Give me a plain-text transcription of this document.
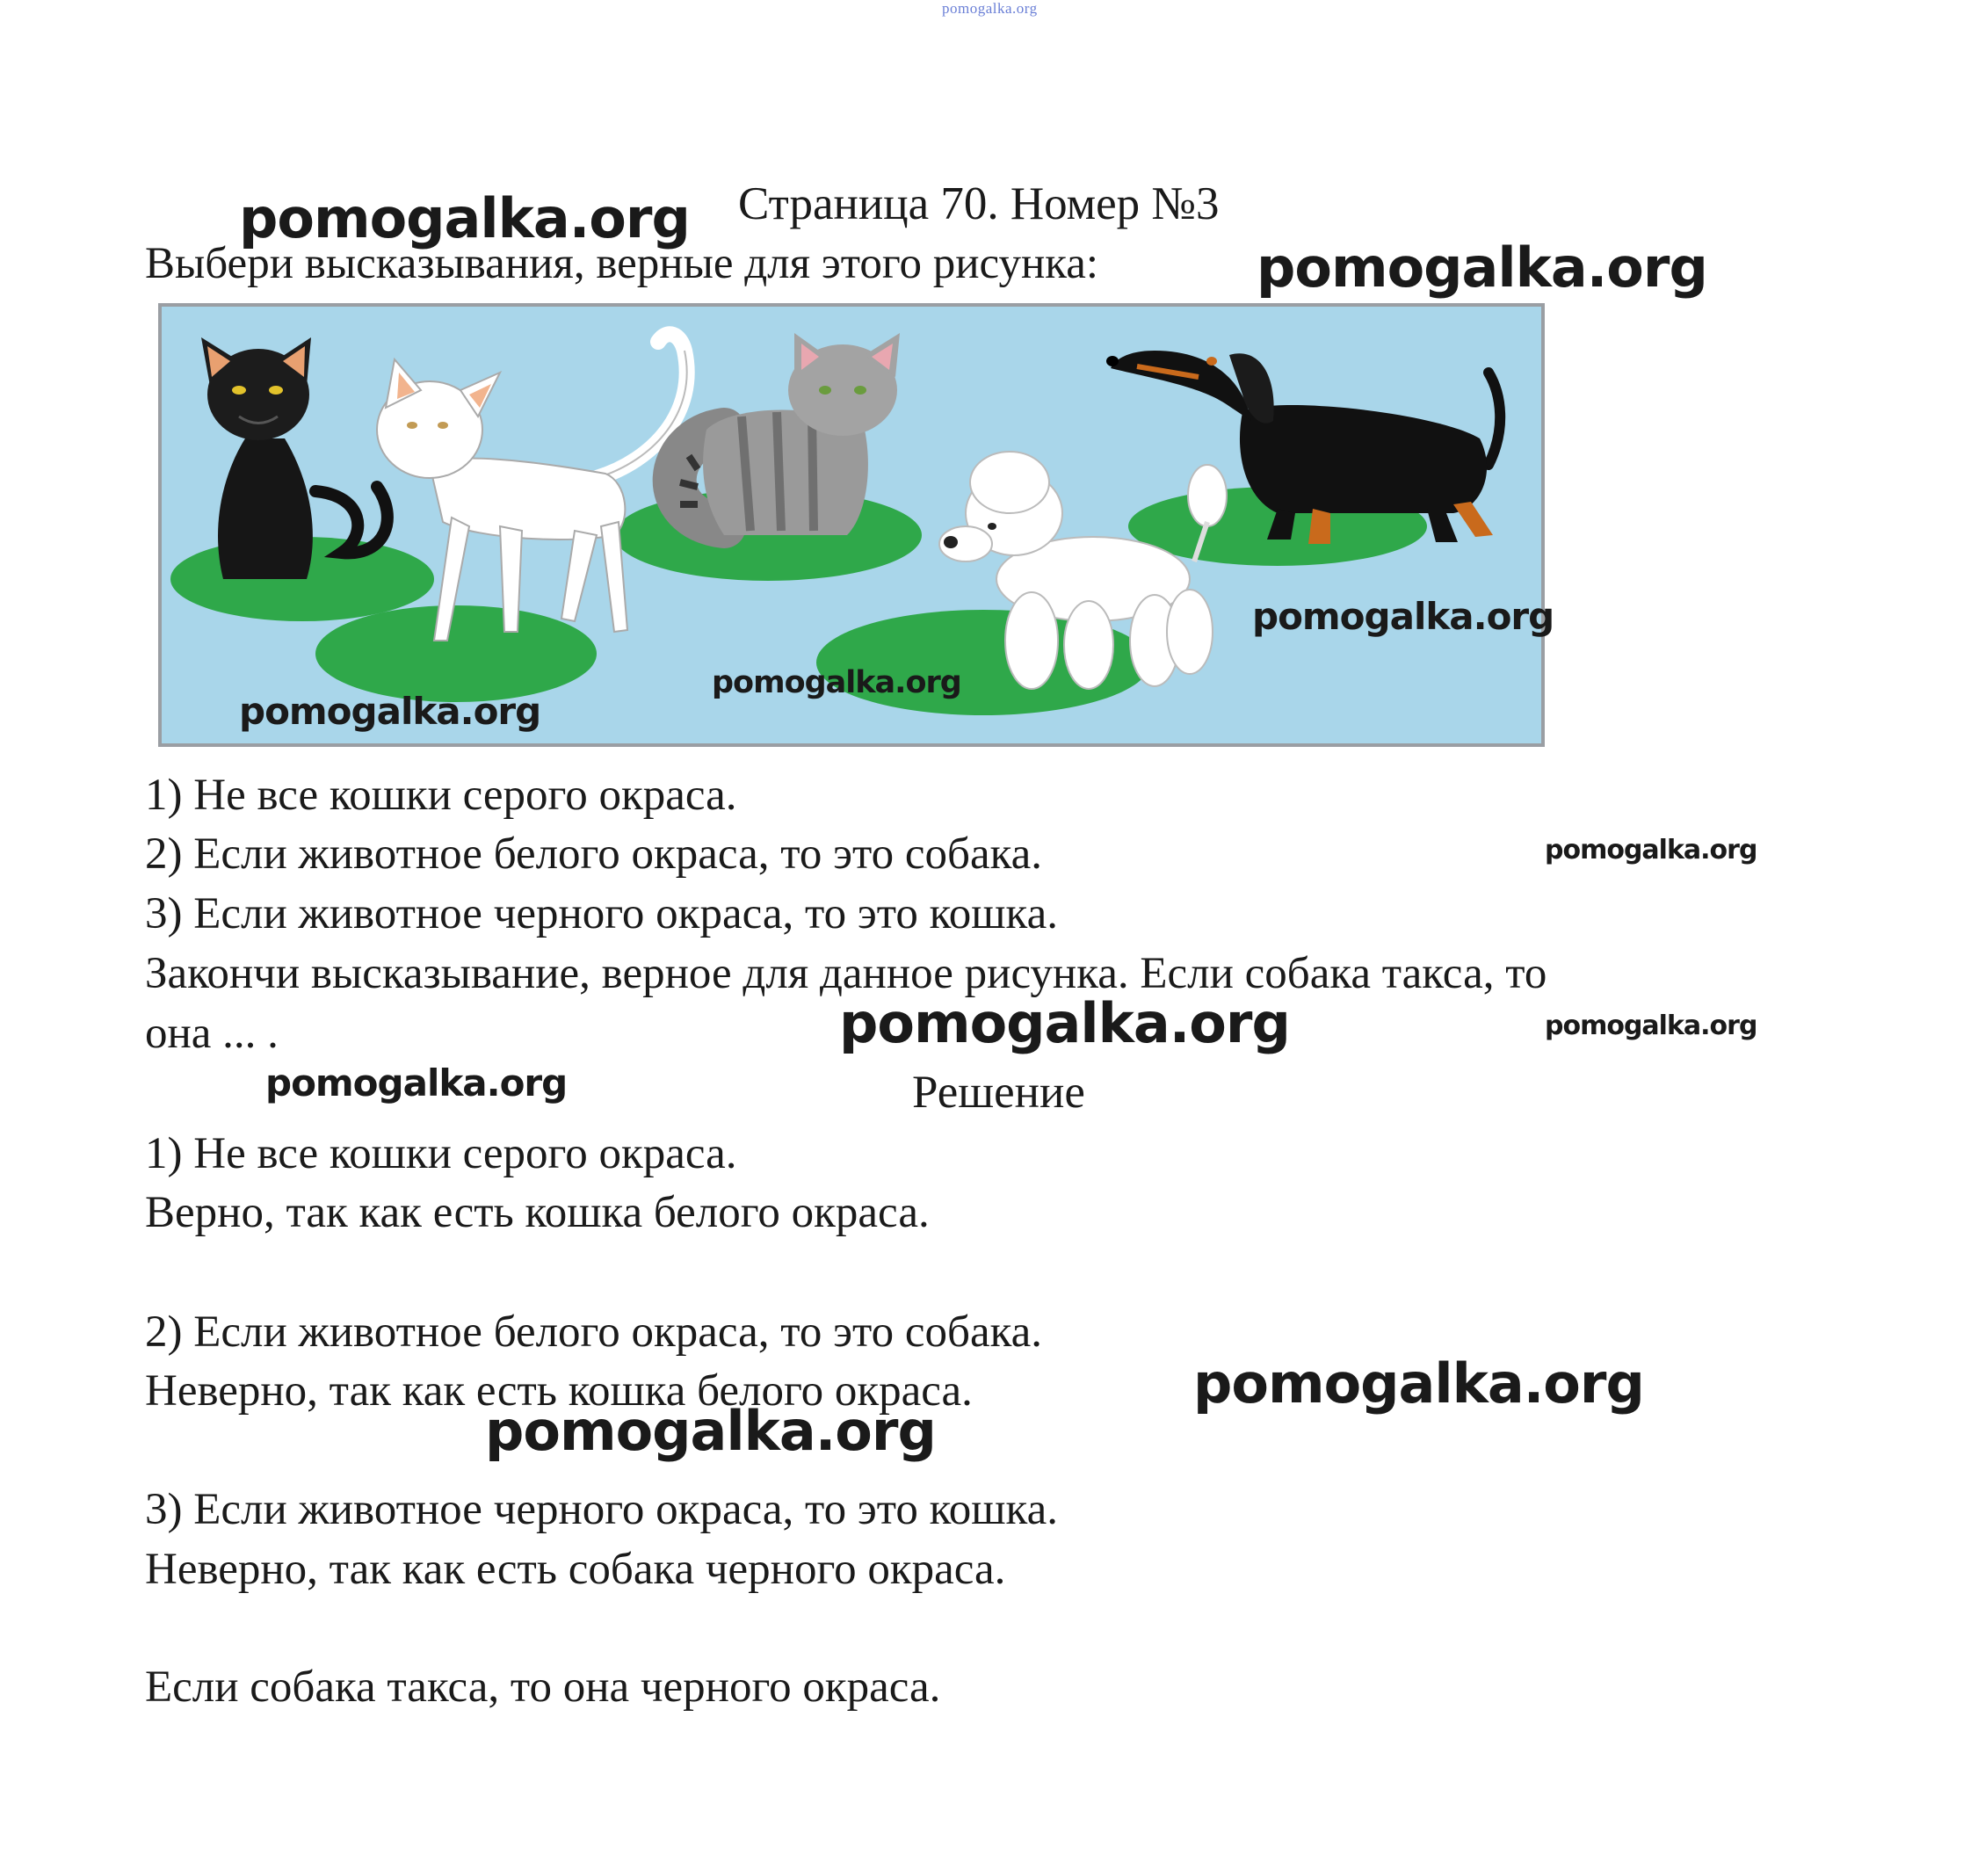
pomogalka.org
Страница 70. Номер №3
Выбери высказывания, верные для этого рисунка:
1) Не все кошки серого окраса.
2) Если животное белого окраса, то это собака.
3) Если животное черного окраса, то это кошка.
Закончи высказывание, верное для данное рисунка. Если собака такса, то
она ... .
Решение
1) Не все кошки серого окраса.
Верно, так как есть кошка белого окраса.
2) Если животное белого окраса, то это собака.
Неверно, так как есть кошка белого окраса.
3) Если животное черного окраса, то это кошка.
Неверно, так как есть собака черного окраса.
Если собака такса, то она черного окраса.
pomogalka.org
pomogalka.org
pomogalka.org
pomogalka.org
pomogalka.org
pomogalka.org
pomogalka.org	pomogalka.org
pomogalka.org
pomogalka.org
pomogalka.org
